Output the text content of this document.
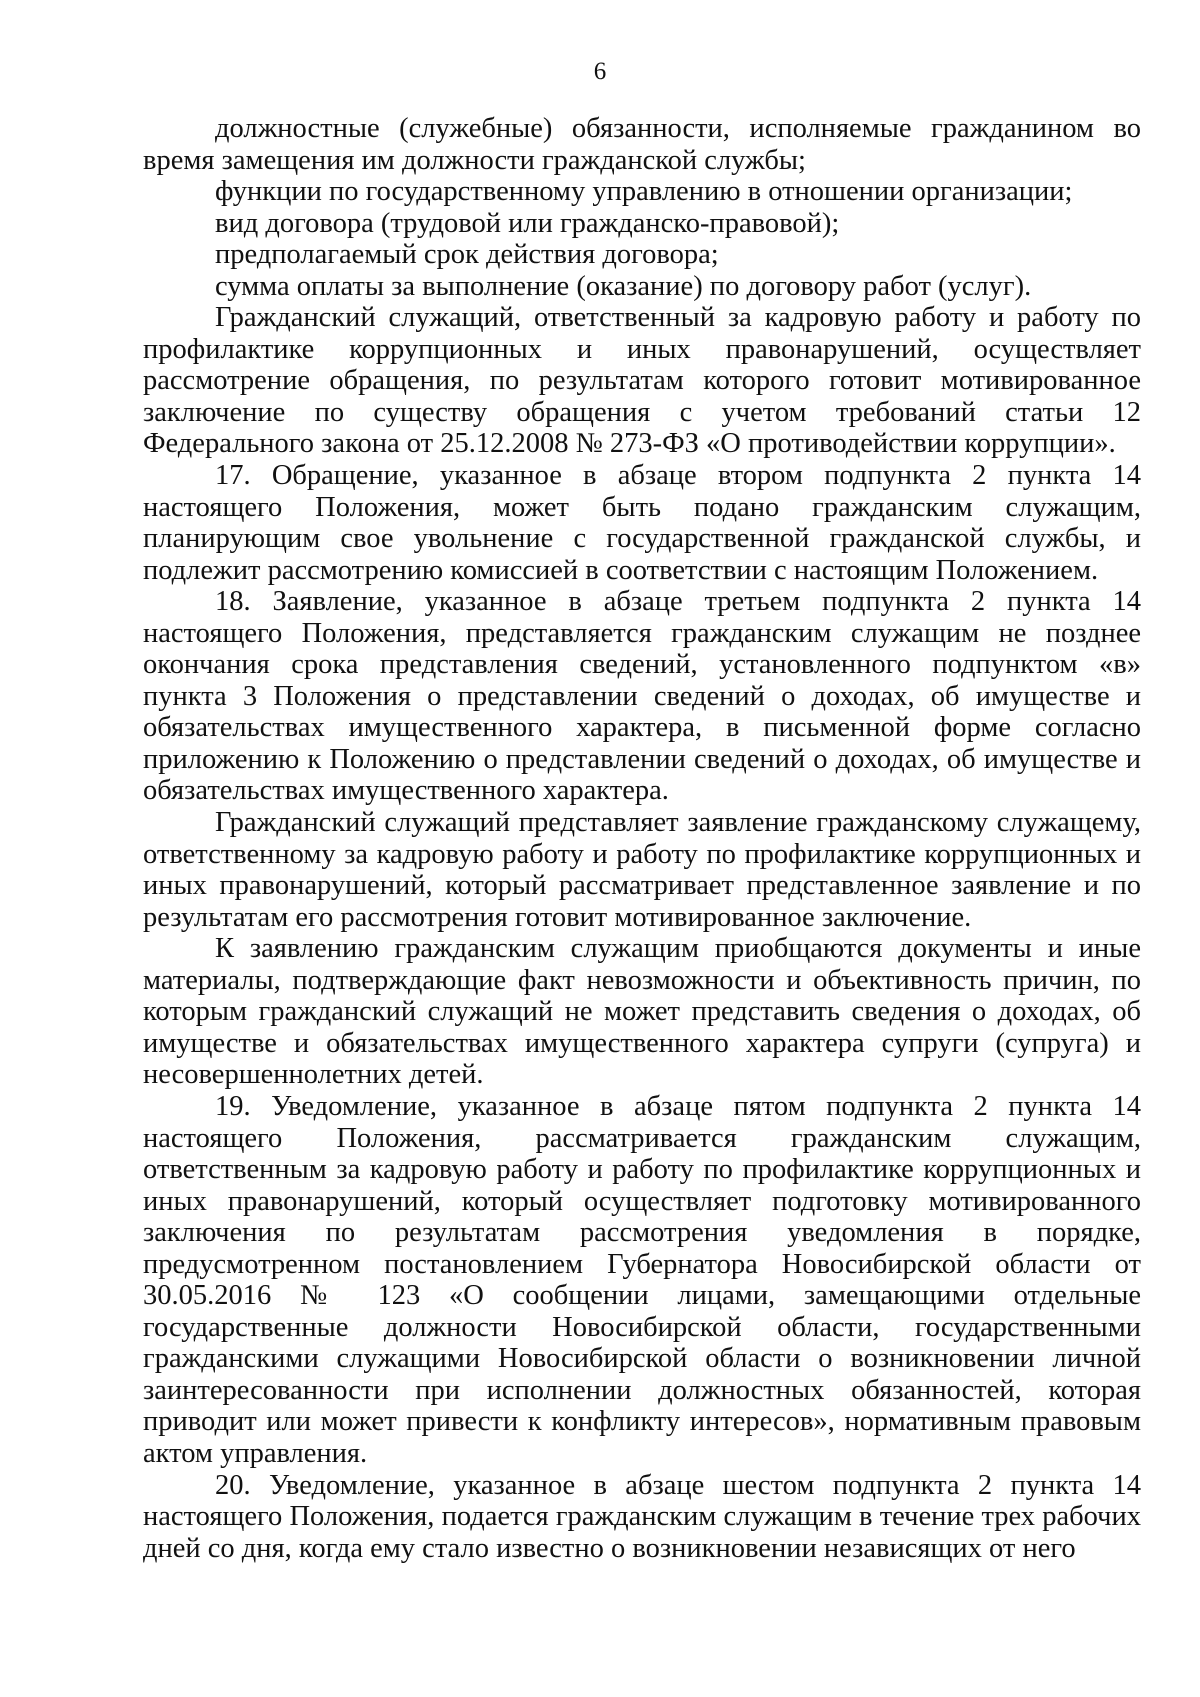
6

должностные (служебные) обязанности, исполняемые гражданином во время замещения им должности гражданской службы;

функции по государственному управлению в отношении организации;

вид договора (трудовой или гражданско-правовой);

предполагаемый срок действия договора;

сумма оплаты за выполнение (оказание) по договору работ (услуг).

Гражданский служащий, ответственный за кадровую работу и работу по профилактике коррупционных и иных правонарушений, осуществляет рассмотрение обращения, по результатам которого готовит мотивированное заключение по существу обращения с учетом требований статьи 12 Федерального закона от 25.12.2008 № 273-ФЗ «О противодействии коррупции».

17. Обращение, указанное в абзаце втором подпункта 2 пункта 14 настоящего Положения, может быть подано гражданским служащим, планирующим свое увольнение с государственной гражданской службы, и подлежит рассмотрению комиссией в соответствии с настоящим Положением.

18. Заявление, указанное в абзаце третьем подпункта 2 пункта 14 настоящего Положения, представляется гражданским служащим не позднее окончания срока представления сведений, установленного подпунктом «в» пункта 3 Положения о представлении сведений о доходах, об имуществе и обязательствах имущественного характера, в письменной форме согласно приложению к Положению о представлении сведений о доходах, об имуществе и обязательствах имущественного характера.

Гражданский служащий представляет заявление гражданскому служащему, ответственному за кадровую работу и работу по профилактике коррупционных и иных правонарушений, который рассматривает представленное заявление и по результатам его рассмотрения готовит мотивированное заключение.

К заявлению гражданским служащим приобщаются документы и иные материалы, подтверждающие факт невозможности и объективность причин, по которым гражданский служащий не может представить сведения о доходах, об имуществе и обязательствах имущественного характера супруги (супруга) и несовершеннолетних детей.

19. Уведомление, указанное в абзаце пятом подпункта 2 пункта 14 настоящего Положения, рассматривается гражданским служащим, ответственным за кадровую работу и работу по профилактике коррупционных и иных правонарушений, который осуществляет подготовку мотивированного заключения по результатам рассмотрения уведомления в порядке, предусмотренном постановлением Губернатора Новосибирской области от 30.05.2016 № 123 «О сообщении лицами, замещающими отдельные государственные должности Новосибирской области, государственными гражданскими служащими Новосибирской области о возникновении личной заинтересованности при исполнении должностных обязанностей, которая приводит или может привести к конфликту интересов», нормативным правовым актом управления.

20. Уведомление, указанное в абзаце шестом подпункта 2 пункта 14 настоящего Положения, подается гражданским служащим в течение трех рабочих дней со дня, когда ему стало известно о возникновении независящих от него
